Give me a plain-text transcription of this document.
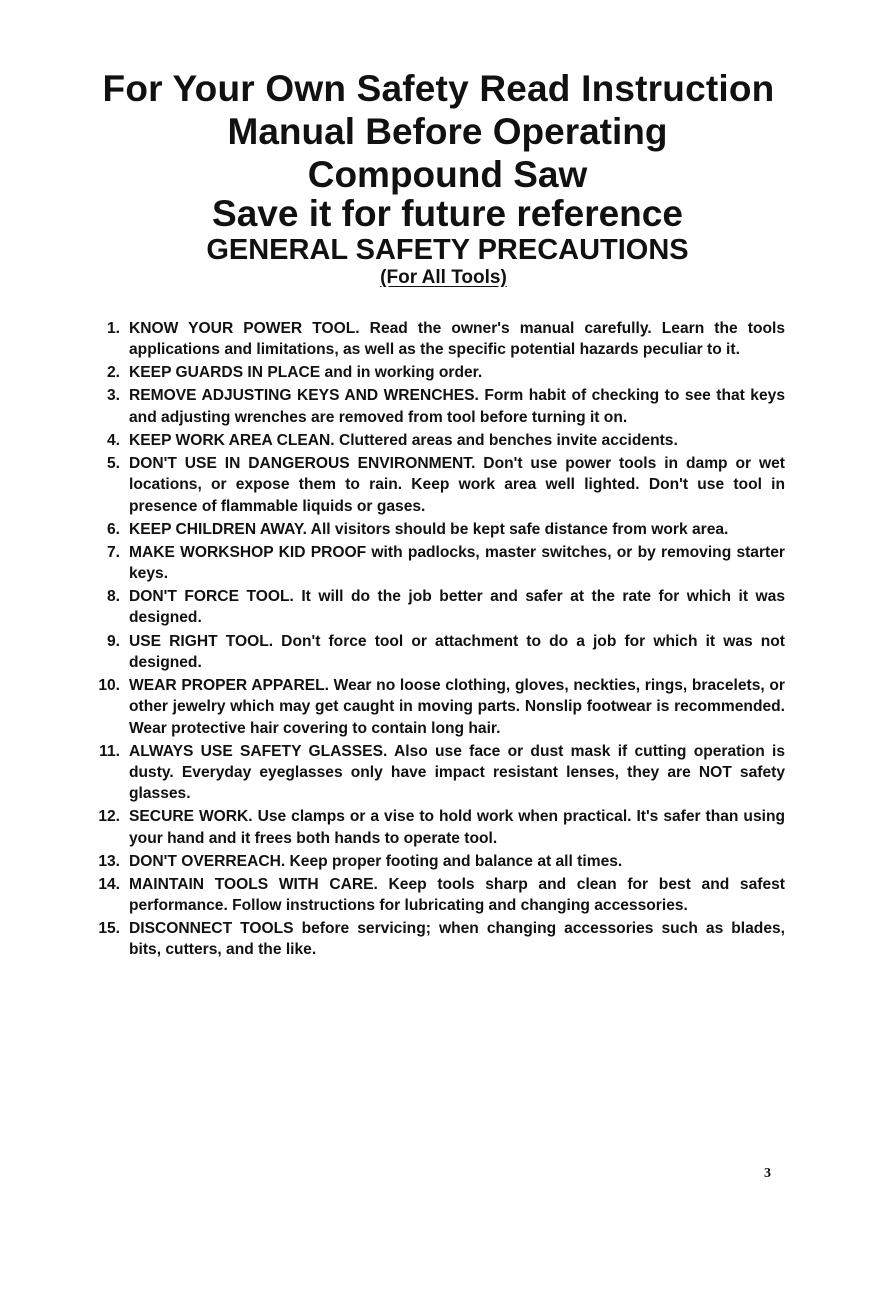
For Your Own Safety Read Instruction
Manual Before Operating
Compound Saw
Save it for future reference
GENERAL SAFETY PRECAUTIONS
(For All Tools)
1. KNOW YOUR POWER TOOL. Read the owner's manual carefully. Learn the tools applications and limitations, as well as the specific potential hazards peculiar to it.
2. KEEP GUARDS IN PLACE and in working order.
3. REMOVE ADJUSTING KEYS AND WRENCHES. Form habit of checking to see that keys and adjusting wrenches are removed from tool before turning it on.
4. KEEP WORK AREA CLEAN. Cluttered areas and benches invite accidents.
5. DON'T USE IN DANGEROUS ENVIRONMENT. Don't use power tools in damp or wet locations, or expose them to rain. Keep work area well lighted. Don't use tool in presence of flammable liquids or gases.
6. KEEP CHILDREN AWAY. All visitors should be kept safe distance from work area.
7. MAKE WORKSHOP KID PROOF with padlocks, master switches, or by removing starter keys.
8. DON'T FORCE TOOL. It will do the job better and safer at the rate for which it was designed.
9. USE RIGHT TOOL. Don't force tool or attachment to do a job for which it was not designed.
10. WEAR PROPER APPAREL. Wear no loose clothing, gloves, neckties, rings, bracelets, or other jewelry which may get caught in moving parts. Nonslip footwear is recommended. Wear protective hair covering to contain long hair.
11. ALWAYS USE SAFETY GLASSES. Also use face or dust mask if cutting operation is dusty. Everyday eyeglasses only have impact resistant lenses, they are NOT safety glasses.
12. SECURE WORK. Use clamps or a vise to hold work when practical. It's safer than using your hand and it frees both hands to operate tool.
13. DON'T OVERREACH. Keep proper footing and balance at all times.
14. MAINTAIN TOOLS WITH CARE. Keep tools sharp and clean for best and safest performance. Follow instructions for lubricating and changing accessories.
15. DISCONNECT TOOLS before servicing; when changing accessories such as blades, bits, cutters, and the like.
3
